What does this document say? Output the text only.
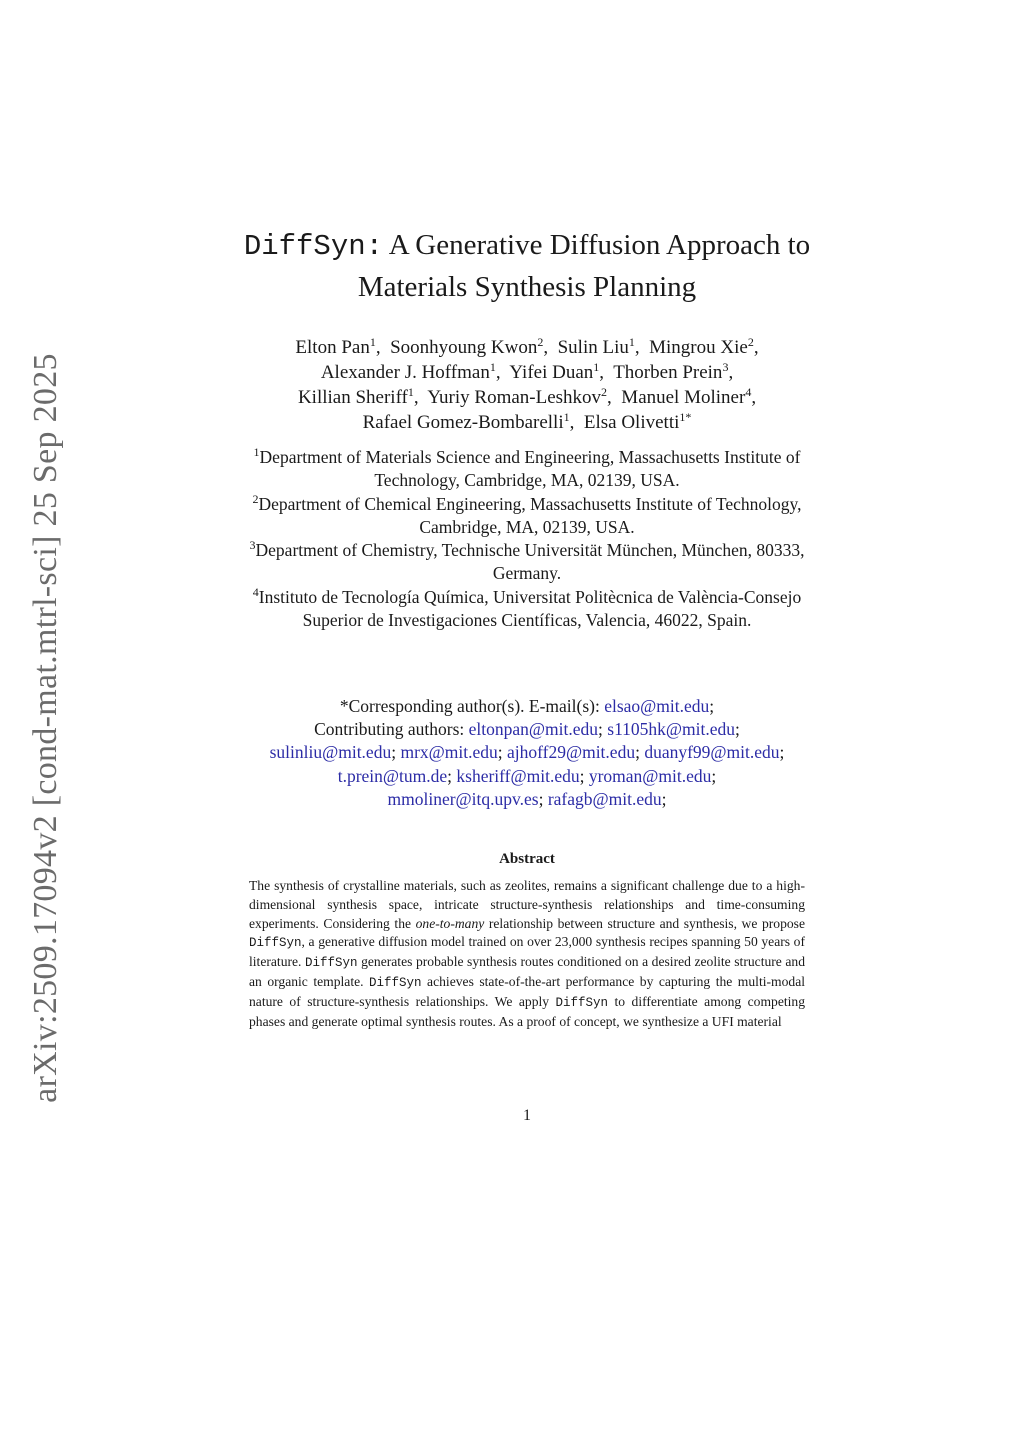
arXiv:2509.17094v2 [cond-mat.mtrl-sci] 25 Sep 2025
DiffSyn: A Generative Diffusion Approach to
Materials Synthesis Planning
Elton Pan$^1$,  Soonhyoung Kwon$^2$,  Sulin Liu$^1$,  Mingrou Xie$^2$,
Alexander J. Hoffman$^1$,  Yifei Duan$^1$,  Thorben Prein$^3$,
Killian Sheriff$^1$,  Yuriy Roman-Leshkov$^2$,  Manuel Moliner$^4$,
Rafael Gomez-Bombarelli$^1$,  Elsa Olivetti$^{1*}$

$^1$Department of Materials Science and Engineering, Massachusetts Institute of Technology, Cambridge, MA, 02139, USA.

$^2$Department of Chemical Engineering, Massachusetts Institute of Technology, Cambridge, MA, 02139, USA.

$^3$Department of Chemistry, Technische Universität München, München, 80333, Germany.

$^4$Instituto de Tecnología Química, Universitat Politècnica de València-Consejo Superior de Investigaciones Científicas, Valencia, 46022, Spain.

*Corresponding author(s). E-mail(s): elsao@mit.edu;
Contributing authors: eltonpan@mit.edu; s1105hk@mit.edu;
sulinliu@mit.edu; mrx@mit.edu; ajhoff29@mit.edu; duanyf99@mit.edu;
t.prein@tum.de; ksheriff@mit.edu; yroman@mit.edu;
mmoliner@itq.upv.es; rafagb@mit.edu;
Abstract
The synthesis of crystalline materials, such as zeolites, remains a significant challenge due to a high-dimensional synthesis space, intricate structure-synthesis relationships and time-consuming experiments. Considering the one-to-many relationship between structure and synthesis, we propose DiffSyn, a generative diffusion model trained on over 23,000 synthesis recipes spanning 50 years of literature. DiffSyn generates probable synthesis routes conditioned on a desired zeolite structure and an organic template. DiffSyn achieves state-of-the-art performance by capturing the multi-modal nature of structure-synthesis relationships. We apply DiffSyn to differentiate among competing phases and generate optimal synthesis routes. As a proof of concept, we synthesize a UFI material
1
